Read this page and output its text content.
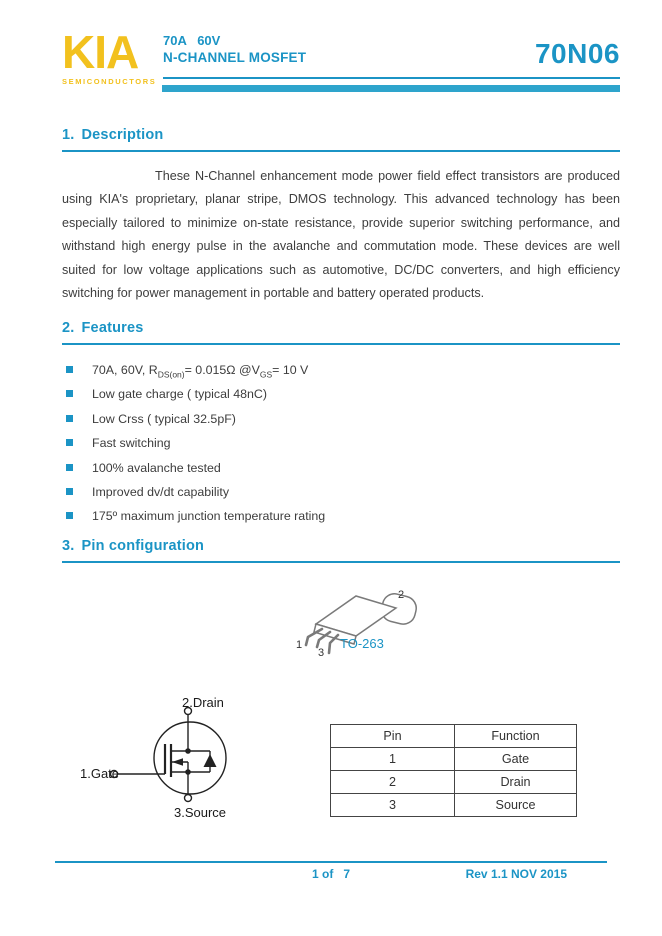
KIA
SEMICONDUCTORS
70A   60V
N-CHANNEL MOSFET	70N06
1. Description

These N-Channel enhancement mode power field effect transistors are produced using KIA's proprietary, planar stripe, DMOS technology. This advanced technology has been especially tailored to minimize on-state resistance, provide superior switching performance, and withstand high energy pulse in the avalanche and commutation mode. These devices are well suited for low voltage applications such as automotive, DC/DC converters, and high efficiency switching for power management in portable and battery operated products.

2. Features
70A, 60V, $R_{DS(on)}= 0.015\Omega$ $@V_{GS}= 10$ V
Low gate charge ( typical 48nC)
Low Crss ( typical 32.5pF)
Fast switching
100% avalanche tested
Improved dv/dt capability
175º maximum junction temperature rating
3. Pin configuration
1
2
3
TO-263
2.Drain
1.Gate
3.Source
Pin	Function
1	Gate
2	Drain
3	Source
1 of   7	Rev 1.1 NOV 2015
